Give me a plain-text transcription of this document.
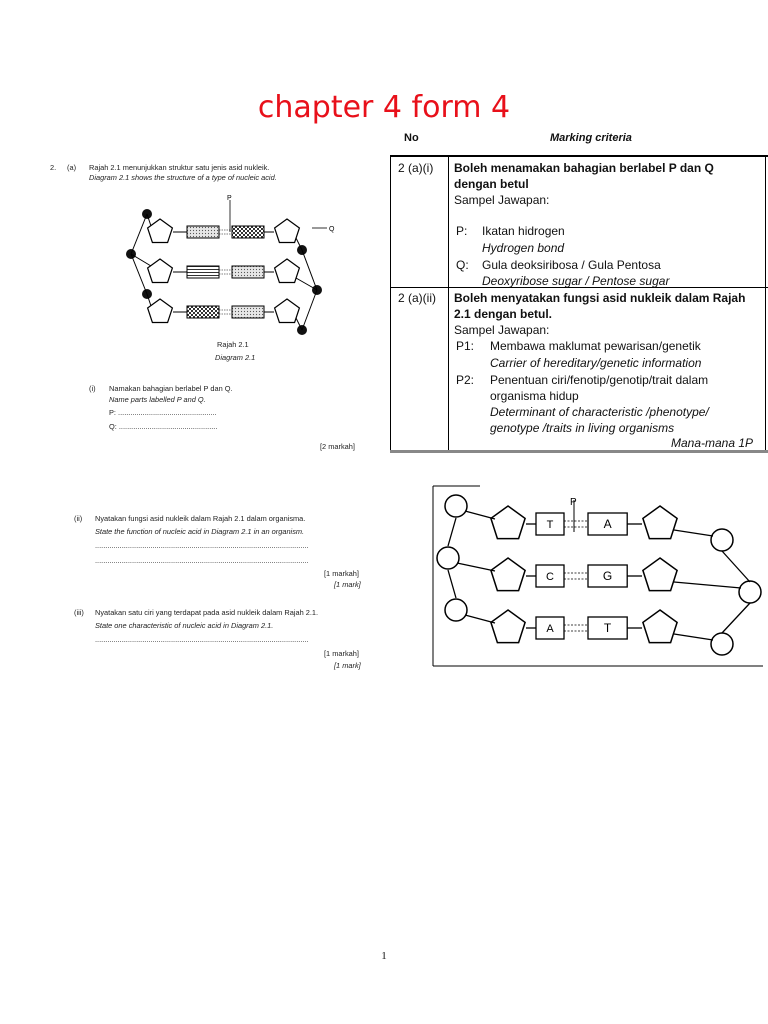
chapter 4 form 4
2. (a) Rajah 2.1 menunjukkan struktur satu jenis asid nukleik.
Diagram 2.1 shows the structure of a type of nucleic acid.
P
Q
Rajah 2.1
Diagram 2.1
(i) Namakan bahagian berlabel P dan Q.
Name parts labelled P and Q.
P: ................................................
Q: ................................................
[2 markah]
No	Marking criteria
2 (a)(i) Boleh menamakan bahagian berlabel P dan Q
dengan betul
Sampel Jawapan:
P: Ikatan hidrogen
Hydrogen bond
Q: Gula deoksiribosa / Gula Pentosa
Deoxyribose sugar / Pentose sugar
2 (a)(ii) Boleh menyatakan fungsi asid nukleik dalam Rajah
2.1 dengan betul.
Sampel Jawapan:
P1: Membawa maklumat pewarisan/genetik
Carrier of hereditary/genetic information
P2: Penentuan ciri/fenotip/genotip/trait dalam
organisma hidup
Determinant of characteristic /phenotype/
genotype /traits in living organisms
Mana-mana 1P
(ii) Nyatakan fungsi asid nukleik dalam Rajah 2.1 dalam organisma.
State the function of nucleic acid in Diagram 2.1 in an organism.
........................................................................................................
........................................................................................................
[1 markah]
[1 mark]
(iii) Nyatakan satu ciri yang terdapat pada asid nukleik dalam Rajah 2.1.
State one characteristic of nucleic acid in Diagram 2.1.
........................................................................................................
[1 markah]
[1 mark]
T	A
C	G
A	T
P
1
